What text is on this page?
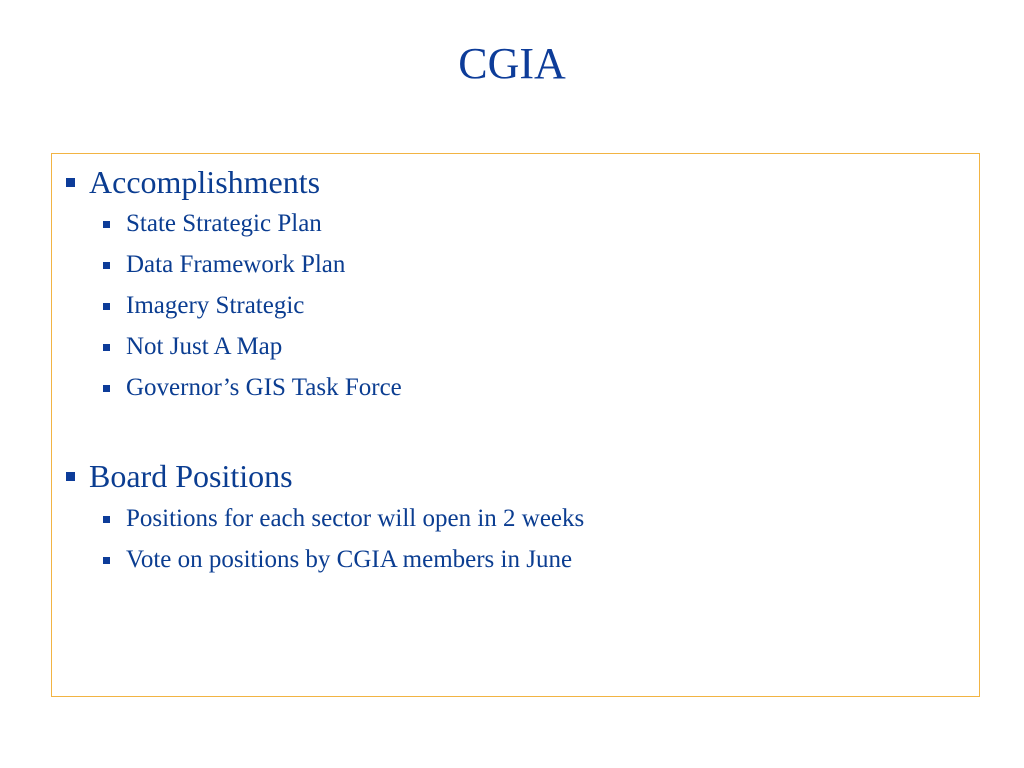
CGIA
Accomplishments
State Strategic Plan
Data Framework Plan
Imagery Strategic
Not Just A Map
Governor’s GIS Task Force
Board Positions
Positions for each sector will open in 2 weeks
Vote on positions by CGIA members in June
